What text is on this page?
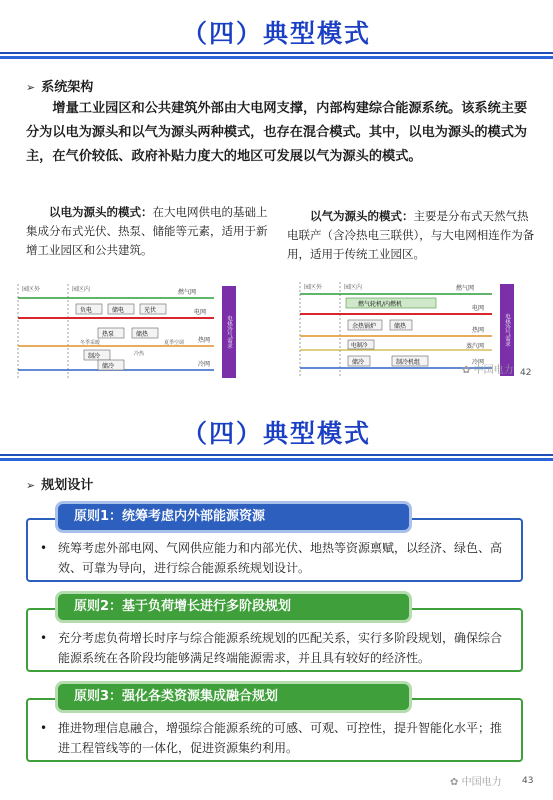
（四）典型模式
➢ 系统架构
增量工业园区和公共建筑外部由大电网支撑，内部构建综合能源系统。该系统主要分为以电为源头和以气为源头两种模式，也存在混合模式。其中，以电为源头的模式为主，在气价较低、政府补贴力度大的地区可发展以气为源头的模式。
以电为源头的模式：在大电网供电的基础上集成分布式光伏、热泵、储能等元素，适用于新增工业园区和公共建筑。
以气为源头的模式：主要是分布式天然气热电联产（含冷热电三联供），与大电网相连作为备用，适用于传统工业园区。
园区外	园区内	燃气网
电网
热网
冷网
负电	储电	光伏
热泵	储热
制冷
储冷
冬季采暖	夏季空调
冷热
电热冷气需求
园区外	园区内	燃气网
电网
热网
蒸汽网
冷网
燃气轮机/内燃机
余热锅炉	储热
储冷	制冷机组
电制冷	电热冷气需求
✿ 中国电力 42
（四）典型模式
➢ 规划设计
• 统筹考虑外部电网、气网供应能力和内部光伏、地热等资源禀赋，以经济、绿色、高效、可靠为导向，进行综合能源系统规划设计。
原则1：统筹考虑内外部能源资源
• 充分考虑负荷增长时序与综合能源系统规划的匹配关系，实行多阶段规划，确保综合能源系统在各阶段均能够满足终端能源需求，并且具有较好的经济性。
原则2：基于负荷增长进行多阶段规划
• 推进物理信息融合，增强综合能源系统的可感、可观、可控性，提升智能化水平；推进工程管线等的一体化，促进资源集约利用。
原则3：强化各类资源集成融合规划
✿ 中国电力 43
